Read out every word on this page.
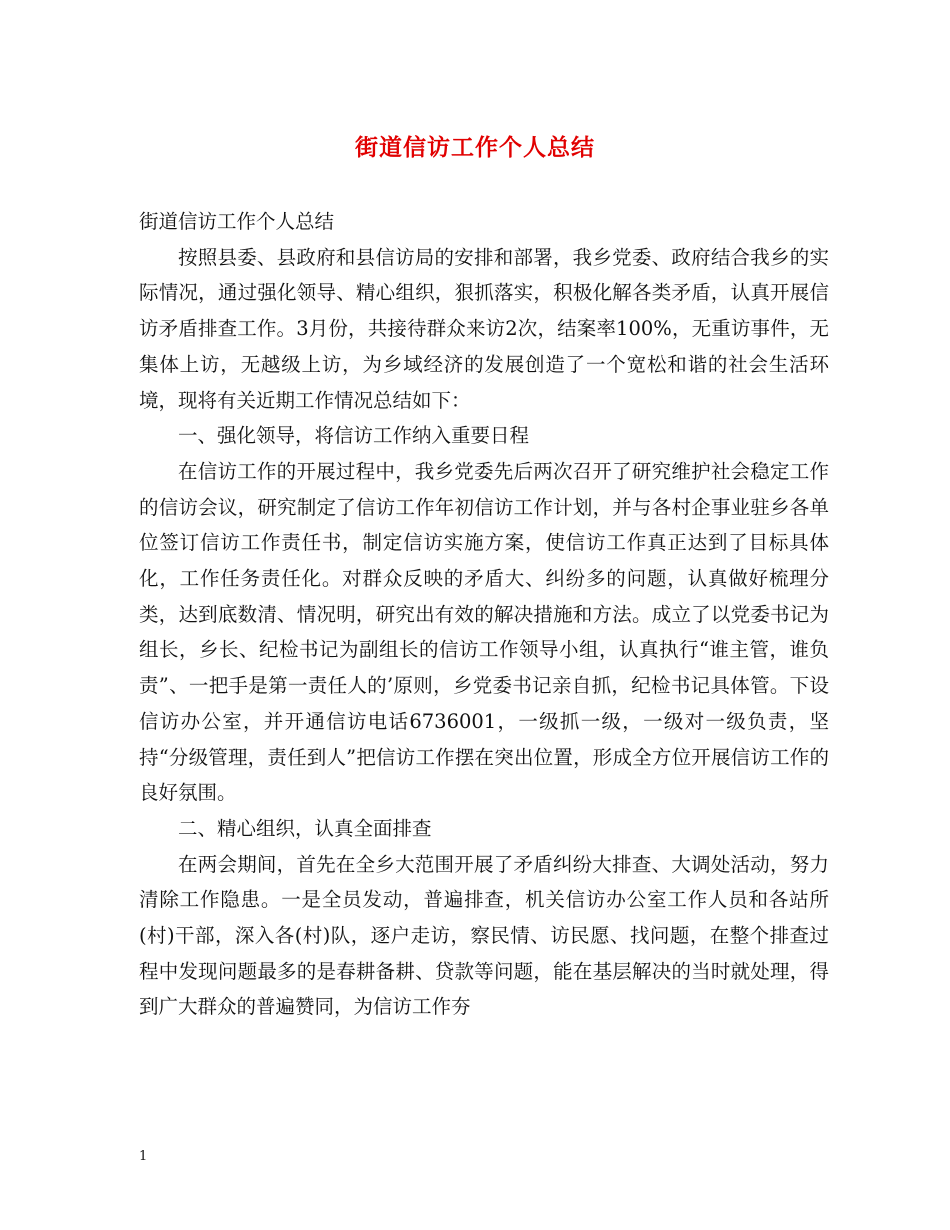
街道信访工作个人总结

街道信访工作个人总结

按照县委、县政府和县信访局的安排和部署，我乡党委、政府结合我乡的实际情况，通过强化领导、精心组织，狠抓落实，积极化解各类矛盾，认真开展信访矛盾排查工作。3月份，共接待群众来访2次，结案率100%，无重访事件，无集体上访，无越级上访，为乡域经济的发展创造了一个宽松和谐的社会生活环境，现将有关近期工作情况总结如下：

一、强化领导，将信访工作纳入重要日程

在信访工作的开展过程中，我乡党委先后两次召开了研究维护社会稳定工作的信访会议，研究制定了信访工作年初信访工作计划，并与各村企事业驻乡各单位签订信访工作责任书，制定信访实施方案，使信访工作真正达到了目标具体化，工作任务责任化。对群众反映的矛盾大、纠纷多的问题，认真做好梳理分类，达到底数清、情况明，研究出有效的解决措施和方法。成立了以党委书记为组长，乡长、纪检书记为副组长的信访工作领导小组，认真执行“谁主管，谁负责”、一把手是第一责任人的’原则，乡党委书记亲自抓，纪检书记具体管。下设信访办公室，并开通信访电话6736001，一级抓一级，一级对一级负责，坚持“分级管理，责任到人”把信访工作摆在突出位置，形成全方位开展信访工作的良好氛围。

二、精心组织，认真全面排查

在两会期间，首先在全乡大范围开展了矛盾纠纷大排查、大调处活动，努力清除工作隐患。一是全员发动，普遍排查，机关信访办公室工作人员和各站所(村)干部，深入各(村)队，逐户走访，察民情、访民愿、找问题，在整个排查过程中发现问题最多的是春耕备耕、贷款等问题，能在基层解决的当时就处理，得到广大群众的普遍赞同，为信访工作夯

1
